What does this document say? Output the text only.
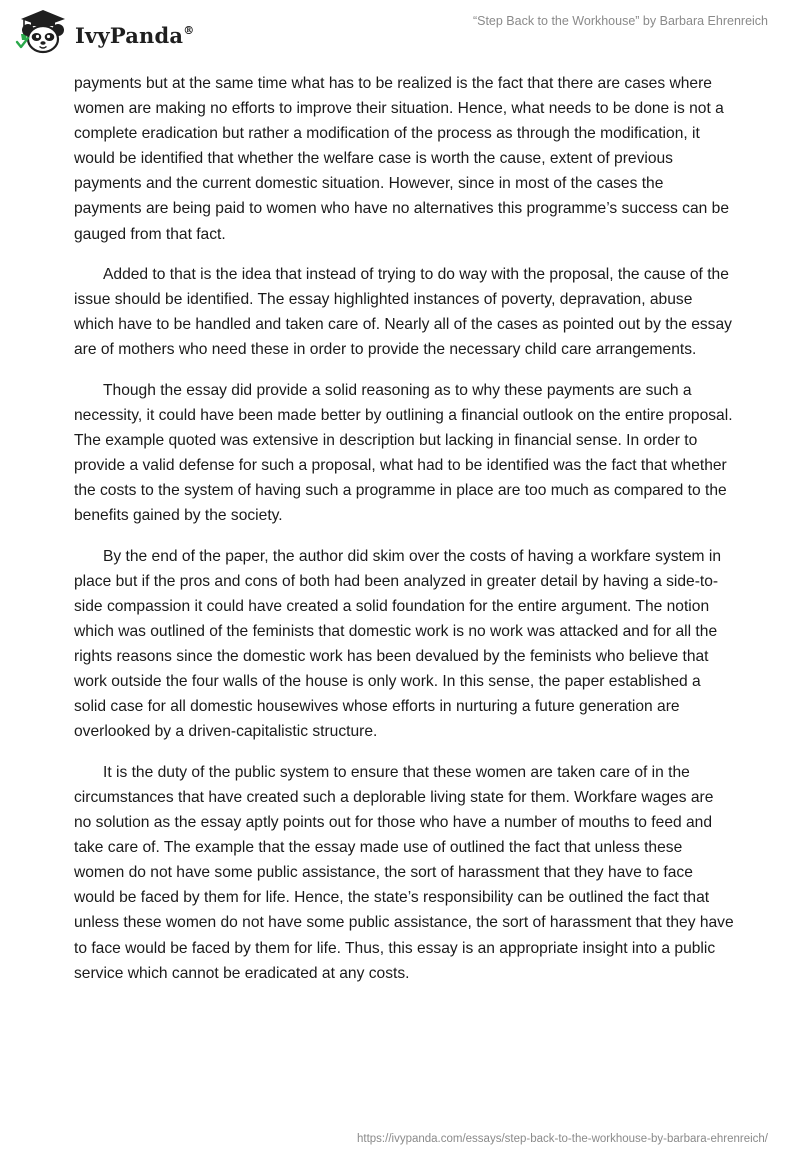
IvyPanda®
“Step Back to the Workhouse” by Barbara Ehrenreich

payments but at the same time what has to be realized is the fact that there are cases where women are making no efforts to improve their situation. Hence, what needs to be done is not a complete eradication but rather a modification of the process as through the modification, it would be identified that whether the welfare case is worth the cause, extent of previous payments and the current domestic situation. However, since in most of the cases the payments are being paid to women who have no alternatives this programme’s success can be gauged from that fact.

Added to that is the idea that instead of trying to do way with the proposal, the cause of the issue should be identified. The essay highlighted instances of poverty, depravation, abuse which have to be handled and taken care of. Nearly all of the cases as pointed out by the essay are of mothers who need these in order to provide the necessary child care arrangements.

Though the essay did provide a solid reasoning as to why these payments are such a necessity, it could have been made better by outlining a financial outlook on the entire proposal. The example quoted was extensive in description but lacking in financial sense. In order to provide a valid defense for such a proposal, what had to be identified was the fact that whether the costs to the system of having such a programme in place are too much as compared to the benefits gained by the society.

By the end of the paper, the author did skim over the costs of having a workfare system in place but if the pros and cons of both had been analyzed in greater detail by having a side-to-side compassion it could have created a solid foundation for the entire argument. The notion which was outlined of the feminists that domestic work is no work was attacked and for all the rights reasons since the domestic work has been devalued by the feminists who believe that work outside the four walls of the house is only work. In this sense, the paper established a solid case for all domestic housewives whose efforts in nurturing a future generation are overlooked by a driven-capitalistic structure.

It is the duty of the public system to ensure that these women are taken care of in the circumstances that have created such a deplorable living state for them. Workfare wages are no solution as the essay aptly points out for those who have a number of mouths to feed and take care of. The example that the essay made use of outlined the fact that unless these women do not have some public assistance, the sort of harassment that they have to face would be faced by them for life. Hence, the state’s responsibility can be outlined the fact that unless these women do not have some public assistance, the sort of harassment that they have to face would be faced by them for life. Thus, this essay is an appropriate insight into a public service which cannot be eradicated at any costs.

https://ivypanda.com/essays/step-back-to-the-workhouse-by-barbara-ehrenreich/
